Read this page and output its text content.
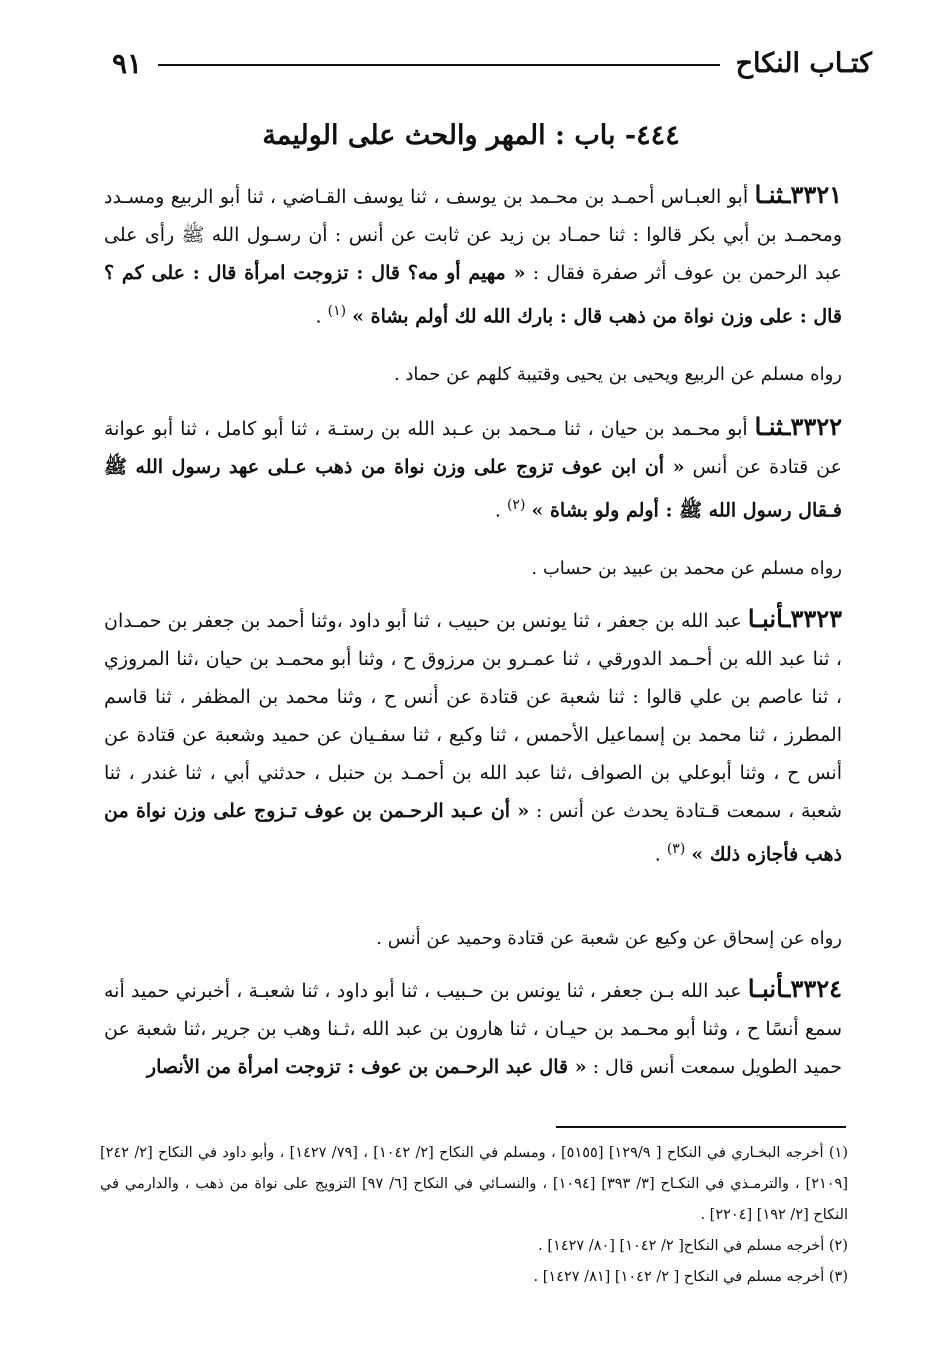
كتـاب النكاح
٩١
٤٤٤- باب : المهر والحث على الوليمة
٣٣٢١ـثنـا أبو العبـاس أحمـد بن محـمد بن يوسف ، ثنا يوسف القـاضي ، ثنا أبو الربيع ومسـدد ومحمـد بن أبي بكر قالوا : ثنا حمـاد بن زيد عن ثابت عن أنس : أن رسـول الله ﷺ رأى على عبد الرحمن بن عوف أثر صفرة فقال : « مهيم أو مه؟ قال : تزوجت امرأة قال : على كم ؟ قال : على وزن نواة من ذهب قال : بارك الله لك أولم بشاة » $^{(١)}$ .
رواه مسلم عن الربيع ويحيى بن يحيى وقتيبة كلهم عن حماد .
٣٣٢٢ـثنـا أبو محـمد بن حيان ، ثنا مـحمد بن عـبد الله بن رستـة ، ثنا أبو كامل ، ثنا أبو عوانة عن قتادة عن أنس « أن ابن عوف تزوج على وزن نواة من ذهب عـلى عهد رسول الله ﷺ فـقال رسول الله ﷺ : أولم ولو بشاة » $^{(٢)}$ .
رواه مسلم عن محمد بن عبيد بن حساب .
٣٣٢٣ـأنبـا عبد الله بن جعفر ، ثنا يونس بن حبيب ، ثنا أبو داود ،وثنا أحمد بن جعفر بن حمـدان ، ثنا عبد الله بن أحـمد الدورقي ، ثنا عمـرو بن مرزوق ح ، وثنا أبو محمـد بن حيان ،ثنا المروزي ، ثنا عاصم بن علي قالوا : ثنا شعبة عن قتادة عن أنس ح ، وثنا محمد بن المظفر ، ثنا قاسم المطرز ، ثنا محمد بن إسماعيل الأحمس ، ثنا وكيع ، ثنا سفـيان عن حميد وشعبة عن قتادة عن أنس ح ، وثنا أبوعلي بن الصواف ،ثنا عبد الله بن أحمـد بن حنبل ، حدثني أبي ، ثنا غندر ، ثنا شعبة ، سمعت قـتادة يحدث عن أنس : « أن عـبد الرحـمن بن عوف تـزوج على وزن نواة من ذهب فأجازه ذلك » $^{(٣)}$ .
رواه عن إسحاق عن وكيع عن شعبة عن قتادة وحميد عن أنس .
٣٣٢٤ـأنبـا عبد الله بـن جعفر ، ثنا يونس بن حـبيب ، ثنا أبو داود ، ثنا شعبـة ، أخبرني حميد أنه سمع أنسًا ح ، وثنا أبو محـمد بن حيـان ، ثنا هارون بن عبد الله ،ثـنا وهب بن جرير ،ثنا شعبة عن حميد الطويل سمعت أنس قال : « قال عبد الرحـمن بن عوف : تزوجت امرأة من الأنصار

(١) أخرجه البخـاري في النكاح [ ١٢٩/٩] [٥١٥٥] ، ومسلم في النكاح [٢/ ١٠٤٢] ، [٧٩/ ١٤٢٧] ، وأبو داود في النكاح [٢/ ٢٤٢] [٢١٠٩] ، والترمـذي في النكـاح [٣/ ٣٩٣] [١٠٩٤] ، والنسـائي في النكاح [٦/ ٩٧] التزويج على نواة من ذهب ، والدارمي في النكاح [٢/ ١٩٢] [٢٢٠٤] .

(٢) أخرجه مسلم في النكاح[ ٢/ ١٠٤٢] [٨٠/ ١٤٢٧] .

(٣) أخرجه مسلم في النكاح [ ٢/ ١٠٤٢] [٨١/ ١٤٢٧] .
